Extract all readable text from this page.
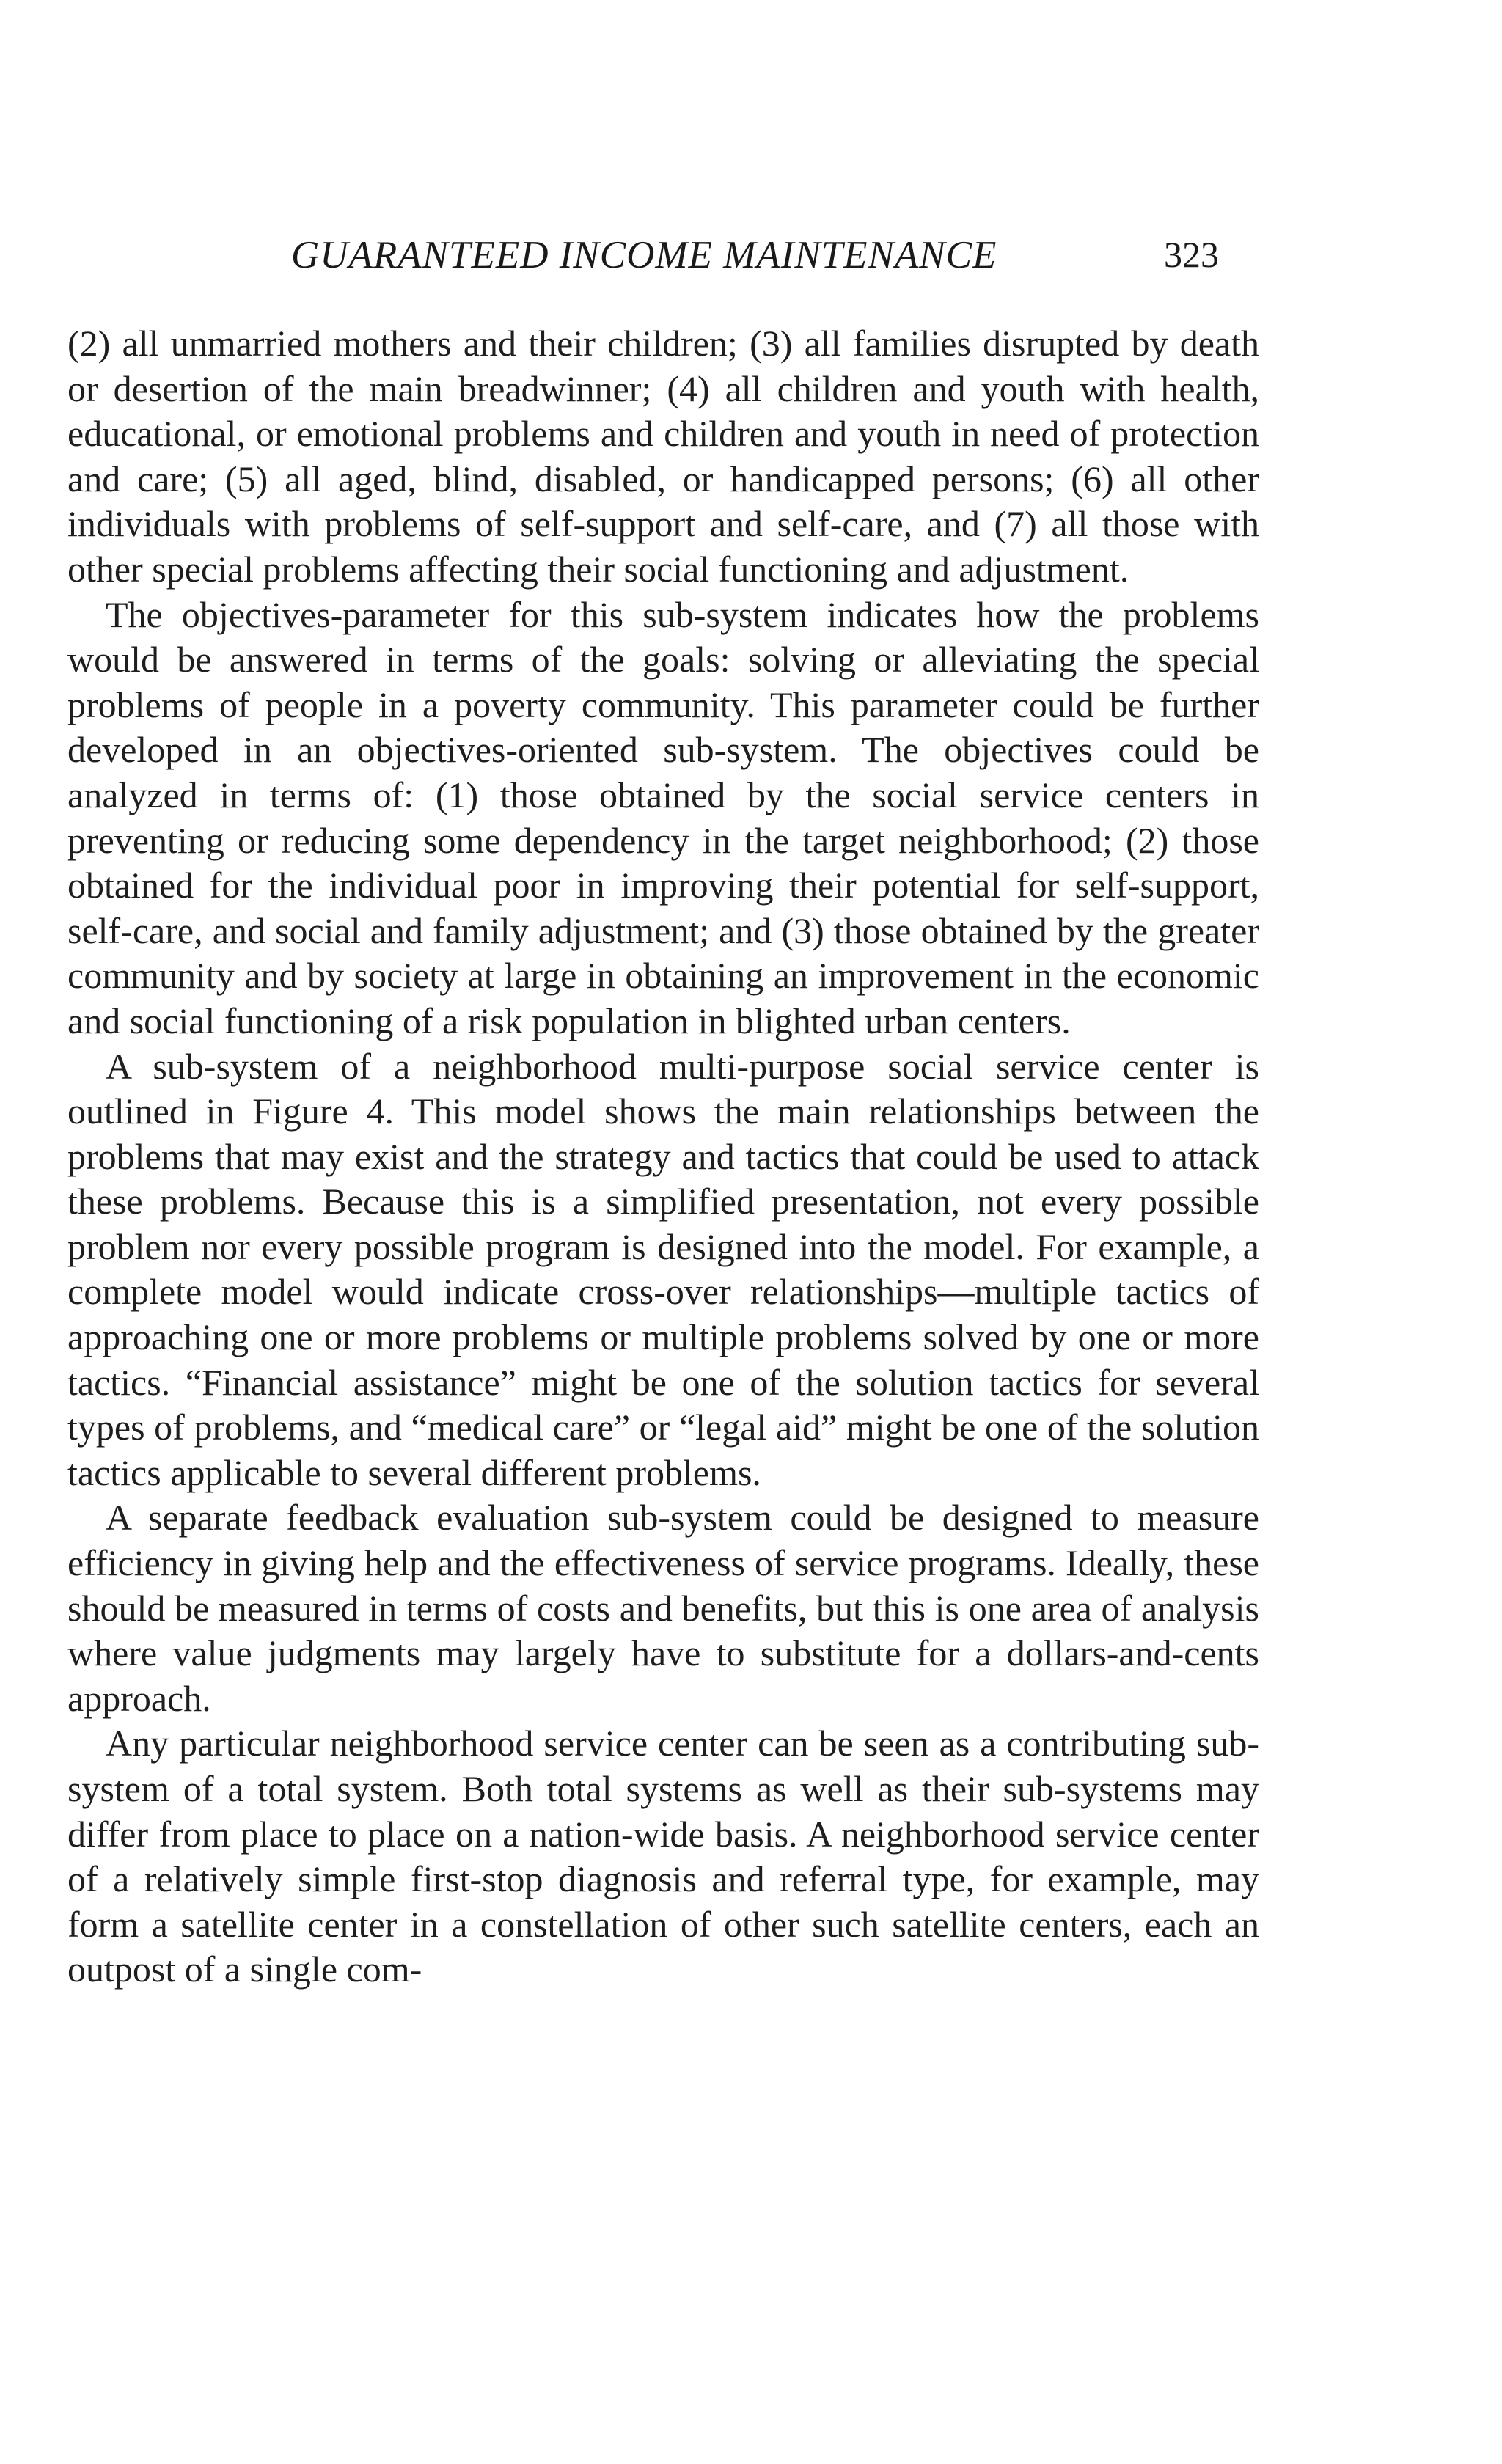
GUARANTEED INCOME MAINTENANCE	323

(2) all unmarried mothers and their children; (3) all families disrupted by death or desertion of the main breadwinner; (4) all children and youth with health, educational, or emotional problems and children and youth in need of protection and care; (5) all aged, blind, disabled, or handicapped persons; (6) all other individuals with problems of self-support and self-care, and (7) all those with other special problems affecting their social functioning and adjustment.

The objectives-parameter for this sub-system indicates how the problems would be answered in terms of the goals: solving or alleviating the special problems of people in a poverty community. This parameter could be further developed in an objectives-oriented sub-system. The objectives could be analyzed in terms of: (1) those obtained by the social service centers in preventing or reducing some dependency in the target neighborhood; (2) those obtained for the individual poor in improving their potential for self-support, self-care, and social and family adjustment; and (3) those obtained by the greater community and by society at large in obtaining an improvement in the economic and social functioning of a risk population in blighted urban centers.

A sub-system of a neighborhood multi-purpose social service center is outlined in Figure 4. This model shows the main relationships between the problems that may exist and the strategy and tactics that could be used to attack these problems. Because this is a simplified presentation, not every possible problem nor every possible program is designed into the model. For example, a complete model would indicate cross-over relationships—multiple tactics of approaching one or more problems or multiple problems solved by one or more tactics. “Financial assistance” might be one of the solution tactics for several types of problems, and “medical care” or “legal aid” might be one of the solution tactics applicable to several different problems.

A separate feedback evaluation sub-system could be designed to measure efficiency in giving help and the effectiveness of service programs. Ideally, these should be measured in terms of costs and benefits, but this is one area of analysis where value judgments may largely have to substitute for a dollars-and-cents approach.

Any particular neighborhood service center can be seen as a contributing sub-system of a total system. Both total systems as well as their sub-systems may differ from place to place on a nation-wide basis. A neighborhood service center of a relatively simple first-stop diagnosis and referral type, for example, may form a satellite center in a constellation of other such satellite centers, each an outpost of a single com-
